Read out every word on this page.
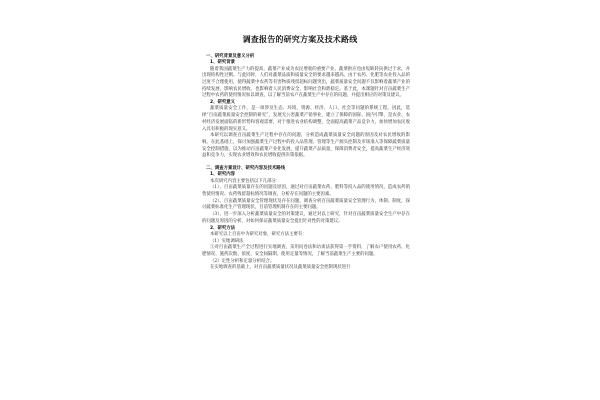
调查报告的研究方案及技术路线
一、研究背景及意义分析
1、研究背景
随着我国蔬菜生产力的提高，蔬菜产业成为农民增收的重要产业。蔬菜供应也由短缺转向供过于求，并出现结构性过剩。与此同时，人们对蔬菜品质和质量安全的要求越来越高。由于农药、化肥等农业投入品的过度不合理使用，使得蔬菜中农药等有害物质残留超标问题突出，蔬菜质量安全问题不仅影响着蔬菜产业的持续发展，影响农民增收，也影响着人民消费安全，影响社会和谐稳定。基于此，本课题针对百亩蔬菜生产过程中农药的使用情况加以调查，以了解当前农户在蔬菜生产中存在的问题，并提出相应的对策及建议。
2、研究意义
蔬菜质量安全工作，是一项涉及生态、环境、资源、经济、人口、社会等问题的系统工程。因此，选择“百亩蔬菜质量安全控制的研究”，发展无公害蔬菜产销事业，建立了保障的国际、国内引擎，是农业、农村经济发展面临的新形势和客观需要，对于推进农业结构调整，全面提高蔬菜产品竞争力，加快增加农民收入具有积极的现实意义。
本研究以调查百亩蔬菜生产过程中存在的问题，分析造成蔬菜质量安全问题的原因及对农民增收的影响。在此基础上，探讨加强蔬菜生产过程中的投入品管理、管理等生产源头控制及市场准入等保障蔬菜质量安全控制措施，以为推动百亩蔬菜产业化发展，提升蔬菜产品质量，保障消费者安全，提高蔬菜生产经济效益和竞争力，实现农业增效和农民增收提供决策依据。
二、调查方案设计、研究内容及技术路线
1、研究内容
本次研究内容主要包括以下几部分：
（1）、百亩蔬菜质量存在的问题及原因，通过对百亩蔬菜农药、肥料等投入品的使用情况，造成农药销售使用情况、农药残留超标情况等调查，分析存在问题的主要因素。
（2）、百亩蔬菜质量安全管理现状及存在问题，调查分析百亩蔬菜质量安全管理行为、体制、制度，探讨蔬菜标准化生产管理现状，目前管理机制存在的主要问题。
（3）、进一步深入分析蔬菜质量安全的对策建议，通过对以上研究，针对百亩蔬菜质量安全生产中存在的问题及原因的分析，对如何保证蔬菜质量安全提出针对性的对策建议。
2、研究方法
本研究以上百亩中为研究对象，研究方法主要有：
（1）实地调研法
①对百亩蔬菜生产全过程进行实地调查，采用问卷法和访谈法获得第一手资料，了解农户使用农药、化肥情况、施药次数、浓度、安全间隔期、使用定量等情况，了解当前蔬菜生产主要的问题。
（2）定性分析和定量分析结合。
在实地调查的基础上，对百亩蔬菜质量状况及蔬菜质量安全控制现状进行
